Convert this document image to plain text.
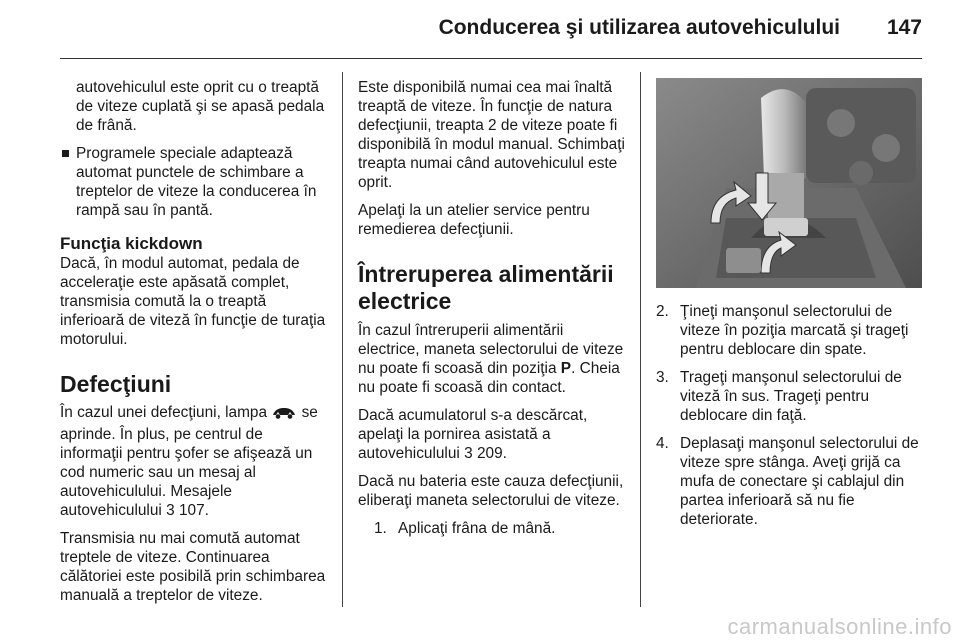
Conducerea şi utilizarea autovehiculului 147

autovehiculul este oprit cu o treaptă de viteze cuplată şi se apasă pedala de frână.

Programele speciale adaptează automat punctele de schimbare a treptelor de viteze la conducerea în rampă sau în pantă.
Funcţia kickdown

Dacă, în modul automat, pedala de acceleraţie este apăsată complet, transmisia comută la o treaptă inferioară de viteză în funcţie de turaţia motorului.

Defecţiuni

În cazul unei defecţiuni, lampa se aprinde. În plus, pe centrul de informaţii pentru şofer se afişează un cod numeric sau un mesaj al autovehiculului. Mesajele autovehiculului 3 107.

Transmisia nu mai comută automat treptele de viteze. Continuarea călătoriei este posibilă prin schimbarea manuală a treptelor de viteze.

Este disponibilă numai cea mai înaltă treaptă de viteze. În funcţie de natura defecţiunii, treapta 2 de viteze poate fi disponibilă în modul manual. Schimbaţi treapta numai când autovehiculul este oprit.

Apelaţi la un atelier service pentru remedierea defecţiunii.

Întreruperea alimentării
electrice

În cazul întreruperii alimentării electrice, maneta selectorului de viteze nu poate fi scoasă din poziţia P. Cheia nu poate fi scoasă din contact.

Dacă acumulatorul s-a descărcat, apelaţi la pornirea asistată a autovehiculului 3 209.

Dacă nu bateria este cauza defecţiunii, eliberaţi maneta selectorului de viteze.

1. Aplicaţi frâna de mână.
2. Ţineţi manşonul selectorului de viteze în poziţia marcată şi trageţi pentru deblocare din spate.
3. Trageţi manşonul selectorului de viteză în sus. Trageţi pentru deblocare din faţă.
4. Deplasaţi manşonul selectorului de viteze spre stânga. Aveţi grijă ca mufa de conectare şi cablajul din partea inferioară să nu fie deteriorate.
carmanualsonline.info
